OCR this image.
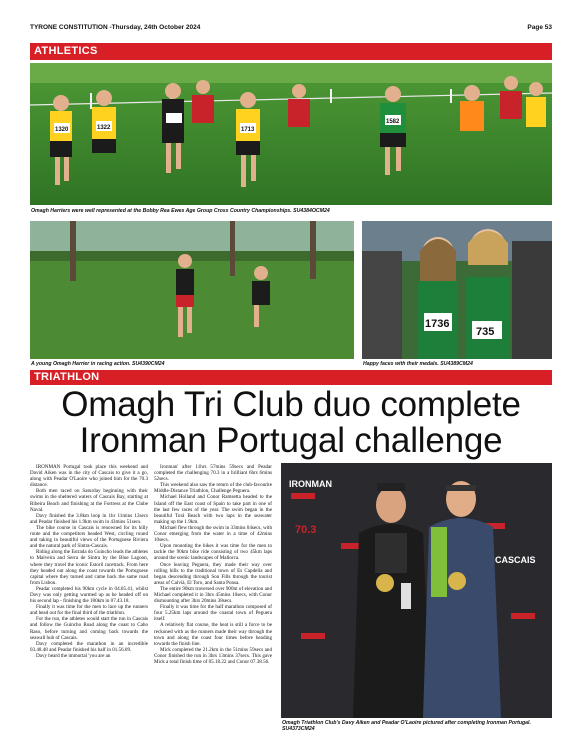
TYRONE CONSTITUTION -Thursday, 24th October 2024	Page 53
ATHLETICS
1320	1322	1713
1582
Omagh Harriers were well represented at the Bobby Rea Ewes Age Group Cross Country Championships. SU4384OCM24
A young Omagh Harrier in racing action. SU4390CM24
1736
735
Happy faces with their medals. SU4389CM24
TRIATHLON
Omagh Tri Club duo complete
Ironman Portugal challenge

IRONMAN Portugal took place this weekend and David Aiken was in the city of Cascais to give it a go, along with Peadar O'Laoire who joined him for the 70.3 distance.

Both men raced on Saturday beginning with their swims in the sheltered waters of Cascais Bay, starting at Ribeira Beach and finishing at the Fortress at the Clube Naval.

Davy finished the 3.8km loop in 1hr 11mins 12secs and Peadar finished his 1.9km swim in 43mins 51secs.

The bike course in Cascais is renowned for its hilly route and the competitors headed West, circling round and taking in beautiful views of the Portuguese Riviera and the natural park of Sintra-Cascais.

Riding along the Estrada do Guincho leads the athletes to Malveira and Serra de Sintra by the Blue Lagoon, where they travel the iconic Estoril racetrack. From here they headed out along the coast towards the Portuguese capital where they turned and came back the same road from Lisbon.

Peadar completed his 90km cycle in 04.05.41, whilst Davy was only getting warmed up as he headed off on his second lap - finishing the 180km in 07.43.18.

Finally it was time for the men to lace up the runners and head out for the final third of the triathlon.

For the run, the athletes would start the run in Cascais and follow the Guincho Road along the coast to Cabo Raso, before turning and coming back towards the seawall hub of Cascais.

Davy completed the marathon in an incredible 03.48.48 and Peadar finished his half in 01.56.09.

Davy heard the immortal 'you are an

Ironman' after 11hrs 57mins 59secs and Peadar completed the challenging 70.3 in a brilliant 6hrs 6mins 52secs.

This weekend also saw the return of the club-favourite Middle-Distance Triathlon, Challenge Peguera.

Michael Holland and Conor Ramsetta headed to the Island off the East coast of Spain to take part in one of the last few races of the year. The swim began in the beautiful Torá Beach with two laps in the seawater making up the 1.9km.

Michael flew through the swim in 33mins 04secs, with Conor emerging from the water in a time of 42mins 10secs.

Upon mounting the bikes it was time for the men to tackle the 90km bike ride consisting of two 45km laps around the scenic landscapes of Mallorca.

Once leaving Peguera, they made their way over rolling hills to the traditional town of Es Capdella and began descending through Son Fills through the tourist areas of Calvià, El Toro, and Santa Ponsa.

The entire 90km traversed over 900m of elevation and Michael completed it in 3hrs 45mins 10secs, with Conor dismounting after 3hrs 20mins 38secs.

Finally it was time for the half marathon composed of four 5.25km laps around the coastal town of Peguera itself.

A relatively flat course, the heat is still a force to be reckoned with as the runners made their way through the town and along the coast four times before heading towards the finish line.

Mick completed the 21.2km in the 51mins 59secs and Conor finished the run in 3hrs 13mins 37secs. This gave Mick a total finish time of 05.18.22 and Conor 07.38.56.

IRONMAN
CASCAIS
70.3
Omagh Triathlon Club's Davy Aiken and Peadar O'Laoire pictured after completing Ironman Portugal. SU4373CM24
